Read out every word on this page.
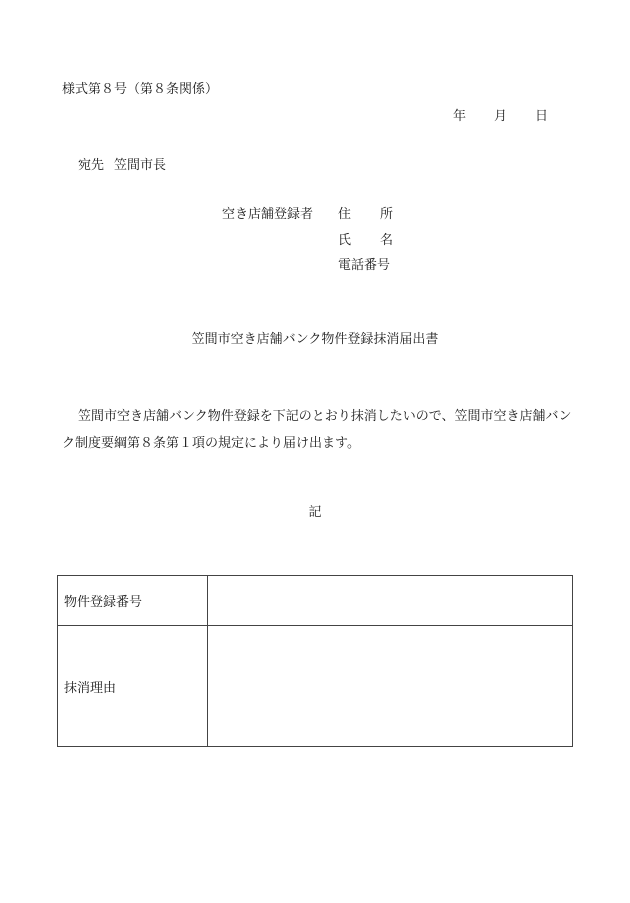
様式第８号（第８条関係）
年 月 日
宛先 笠間市長
空き店舗登録者 住　所
氏　名
電話番号
笠間市空き店舗バンク物件登録抹消届出書
笠間市空き店舗バンク物件登録を下記のとおり抹消したいので、笠間市空き店舗バンク制度要綱第８条第１項の規定により届け出ます。
記
物件登録番号	
抹消理由	
